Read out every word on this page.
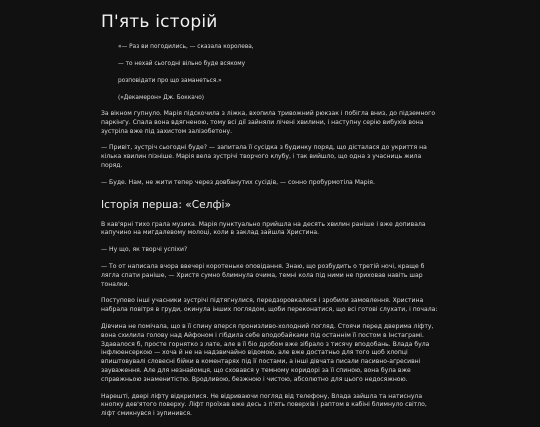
П'ять історій

«— Раз ви погодились, — сказала королева,

— то нехай сьогодні вільно буде всякому

розповідати про що заманеться.»

(«Декамерон» Дж. Боккачо)

За вікном гупнуло. Марія підскочила з ліжка, вхопила тривожний рюкзак і побігла вниз, до підземного паркінгу. Спала вона вдягненою, тому всі дії зайняли лічені хвилини, і наступну серію вибухів вона зустріла вже під захистом залізобетону.

— Привіт, зустріч сьогодні буде? — запитала її сусідка з будинку поряд, що дісталася до укриття на кілька хвилин пізніше. Марія вела зустрічі творчого клубу, і так вийшло, що одна з учасниць жила поряд.

— Буде. Нам, не жити тепер через довбанутих сусідів, — сонно пробурмотіла Марія.

Історія перша: «Селфі»

В кав'ярні тихо грала музика. Марія пунктуально прийшла на десять хвилин раніше і вже допивала капучино на мигдалевому молоці, коли в заклад зайшла Христина.

— Ну що, як творчі успіхи?

— То от написала вчора ввечері коротеньке оповідання. Знаю, що розбудить о третій ночі, краще б лягла спати раніше, — Христя сумно блимнула очима, темні кола під ними не приховав навіть шар тоналки.

Поступово інші учасники зустрічі підтягнулися, передзоровкалися і зробили замовлення. Христина набрала повітря в груди, окинула інших поглядом, щоби переконатися, що всі готові слухати, і почала:

Дівчина не помічала, що в її спину вперся пронизливо-холодний погляд. Стоячи перед дверима ліфту, вона схилила голову над Айфоном і гібдила себе вподобайками під останнім її постом в Інстаграмі. Здавалося б, просте горнятко з лате, але в її біо дробом вже зібрало з тисячу вподобань. Влада була інфлюенсеркою — хоча й не на надзвичайно відомою, але вже достатньо для того щоб хлопці впиштовувалі словесні бійки в коментарях під її постами, а інші дівчата писали пасивно-агресивні зауваження. Але для незнайомця, що сховався у темному коридорі за її спиною, вона була вже справжньою знаменитістю. Вродливою, безжною і чистою, абсолютно для цього недосяжною.

Нарешті, двері ліфту відкрилися. Не відриваючи погляд від телефону, Влада зайшла та натиснула кнопку дев'ятого поверху. Ліфт проїхав вже десь з п'ять поверхів і раптом в кабіні блимнуло світло, ліфт смикнувся і зупинився.
